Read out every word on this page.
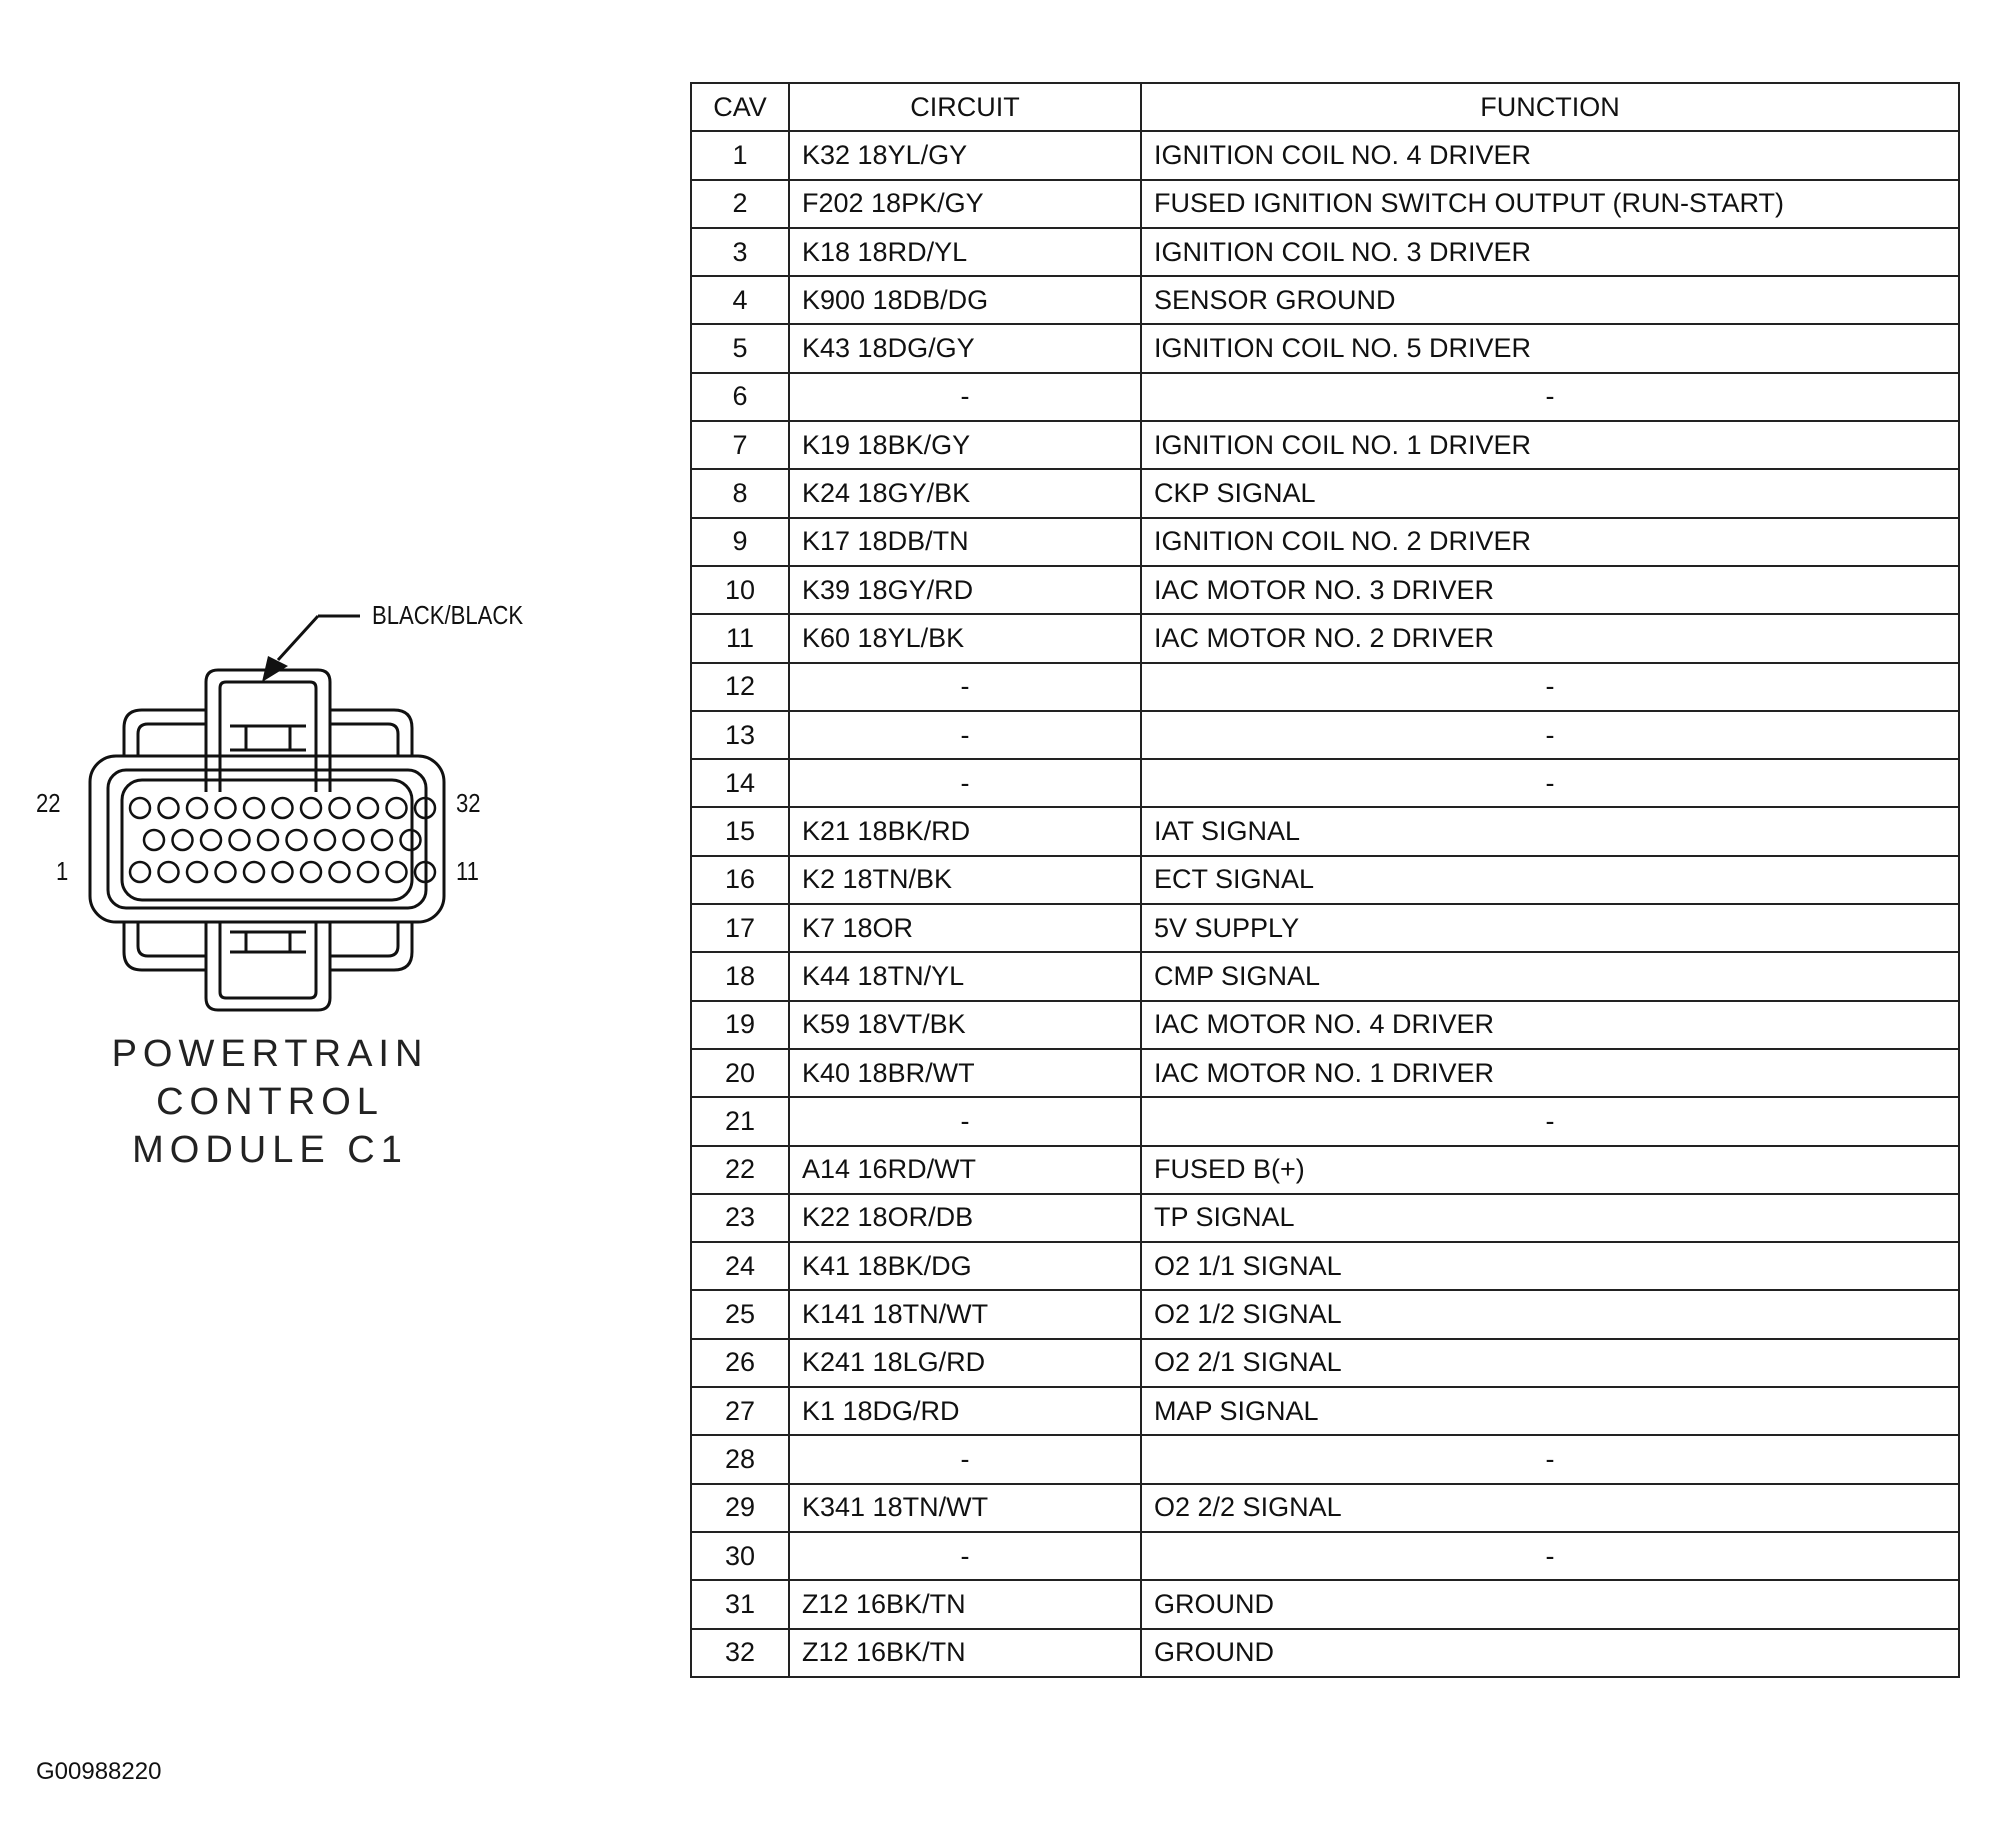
BLACK/BLACK
22	32
1	11
POWERTRAIN
CONTROL
MODULE C1
CAV	CIRCUIT	FUNCTION
1	K32 18YL/GY	IGNITION COIL NO. 4 DRIVER
2	F202 18PK/GY	FUSED IGNITION SWITCH OUTPUT (RUN-START)
3	K18 18RD/YL	IGNITION COIL NO. 3 DRIVER
4	K900 18DB/DG	SENSOR GROUND
5	K43 18DG/GY	IGNITION COIL NO. 5 DRIVER
6	-	-
7	K19 18BK/GY	IGNITION COIL NO. 1 DRIVER
8	K24 18GY/BK	CKP SIGNAL
9	K17 18DB/TN	IGNITION COIL NO. 2 DRIVER
10	K39 18GY/RD	IAC MOTOR NO. 3 DRIVER
11	K60 18YL/BK	IAC MOTOR NO. 2 DRIVER
12	-	-
13	-	-
14	-	-
15	K21 18BK/RD	IAT SIGNAL
16	K2 18TN/BK	ECT SIGNAL
17	K7 18OR	5V SUPPLY
18	K44 18TN/YL	CMP SIGNAL
19	K59 18VT/BK	IAC MOTOR NO. 4 DRIVER
20	K40 18BR/WT	IAC MOTOR NO. 1 DRIVER
21	-	-
22	A14 16RD/WT	FUSED B(+)
23	K22 18OR/DB	TP SIGNAL
24	K41 18BK/DG	O2 1/1 SIGNAL
25	K141 18TN/WT	O2 1/2 SIGNAL
26	K241 18LG/RD	O2 2/1 SIGNAL
27	K1 18DG/RD	MAP SIGNAL
28	-	-
29	K341 18TN/WT	O2 2/2 SIGNAL
30	-	-
31	Z12 16BK/TN	GROUND
32	Z12 16BK/TN	GROUND
G00988220
